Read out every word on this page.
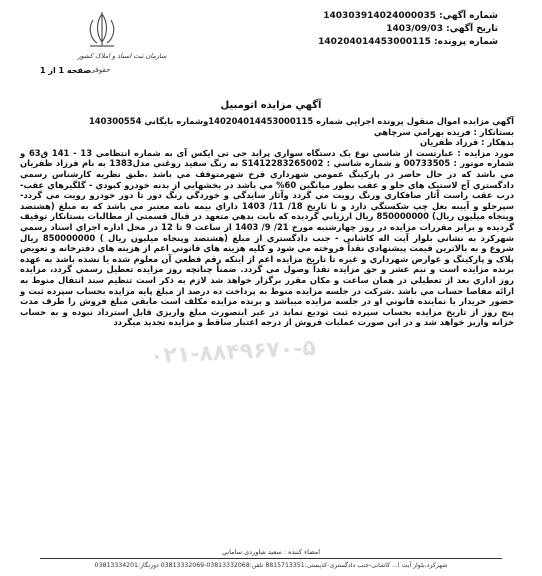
شماره آگهي: 140303914024000035
تاريخ آگهي: 1403/09/03
شماره پرونده: 140204014453000115
حقوقی
سازمان ثبت اسناد و املاک کشور
صفحه 1 از 1
آگهي مزايده اتومبيل

آگهي مزايده اموال منقول پرونده اجرايي شماره 140204014453000115وشماره بايگاني 140300554

بستانکار : فريده بهرامي سرچاهي

بدهکار : فرزاد ظفريان

مورد مزايده : عبارتست از شاسي نوع يک دستگاه سواري پراید جی تی ایکس آی به شماره انتظامي 13 - 141 ق63 و شماره موتور : 00733505 و شماره شاسي : S1412283265002 به رنگ سفيد روغني مدل1383 به نام فرزاد ظفريان مي باشد که در حال حاضر در پارکينگ عمومي شهرداري فرخ شهرمتوقف مي باشد .طبق نظريه کارشناس رسمي دادگستري آج لاستيک هاي جلو و عقب بطور ميانگين 60% مي باشد در بخشهايي از بدنه خودرو کبودي - گلگيرهاي عقب-درب عقب راست آثار صافکاري ورنگ رويت مي گردد وآثار سايدگي و خوردگي رنگ دور تا دور خودرو رويت مي گردد-سپرجلو و آيينه بغل چپ شکستگي دارد و تا تاريخ 18/ 11/ 1403 داراي بيمه نامه معتبر مي باشد که به مبلغ (هشتصد وپنجاه ميليون ريال) 850000000 ريال ارزيابي گرديده که بابت بدهي متعهد در قبال قسمتي از مطالبات بستانکار توقيف گرديده و برابر مقررات مزايده در روز چهارشنبه مورخ 21/ 9/ 1403 از ساعت 9 تا 12 در محل اداره اجراي اسناد رسمي شهرکرد به نشاني بلوار آيت اله کاشاني - جنب دادگستري از مبلغ (هشتصد وپنجاه ميليون ريال ) 850000000 ريال شروع و به بالاترين قيمت پيشنهادي نقداً فروخته مي شود و کليه هزينه هاي قانوني اعم از هزينه هاي دفترخانه و تعويض پلاک و پارکينگ و عوارض شهرداري و غيره تا تاريخ مزايده اعم از اينکه رقم قطعي آن معلوم شده يا نشده باشد به عهده برنده مزايده است و نيم عشر و حق مزايده نقداً وصول مي گردد. ضمناً چنانچه روز مزايده تعطيل رسمي گردد، مزايده روز اداري بعد از تعطيلي در همان ساعت و مکان مقرر برگزار خواهد شد لازم به ذکر است تنظيم سند انتقال منوط به ارائه مفاصا حساب مي باشد .شرکت در جلسه مزايده منوط به پرداخت ده درصد از مبلغ پايه مزايده بحساب سپرده ثبت و حضور خريدار يا نماينده قانوني او در جلسه مزايده ميباشد و برنده مزايده مکلف است مابقي مبلغ فروش را ظرف مدت پنج روز از تاريخ مزايده بحساب سپرده ثبت توديع نمايد در غير اينصورت مبلغ واريزي قابل استرداد نبوده و به حساب خزانه واريز خواهد شد و در اين صورت عمليات فروش از درجه اعتبار ساقط و مزايده تجديد ميگردد

۰۲۱-۸۸۴۹۶۷۰-۵
امضاء کننده : سعید شاوردی ساماني
شهرکرد،بلوار آیت ا... کاشانی-جنب دادگستری-کدپستی:8815713351 تلفن:03813332068-03813332069 دورنگار:03813334201
